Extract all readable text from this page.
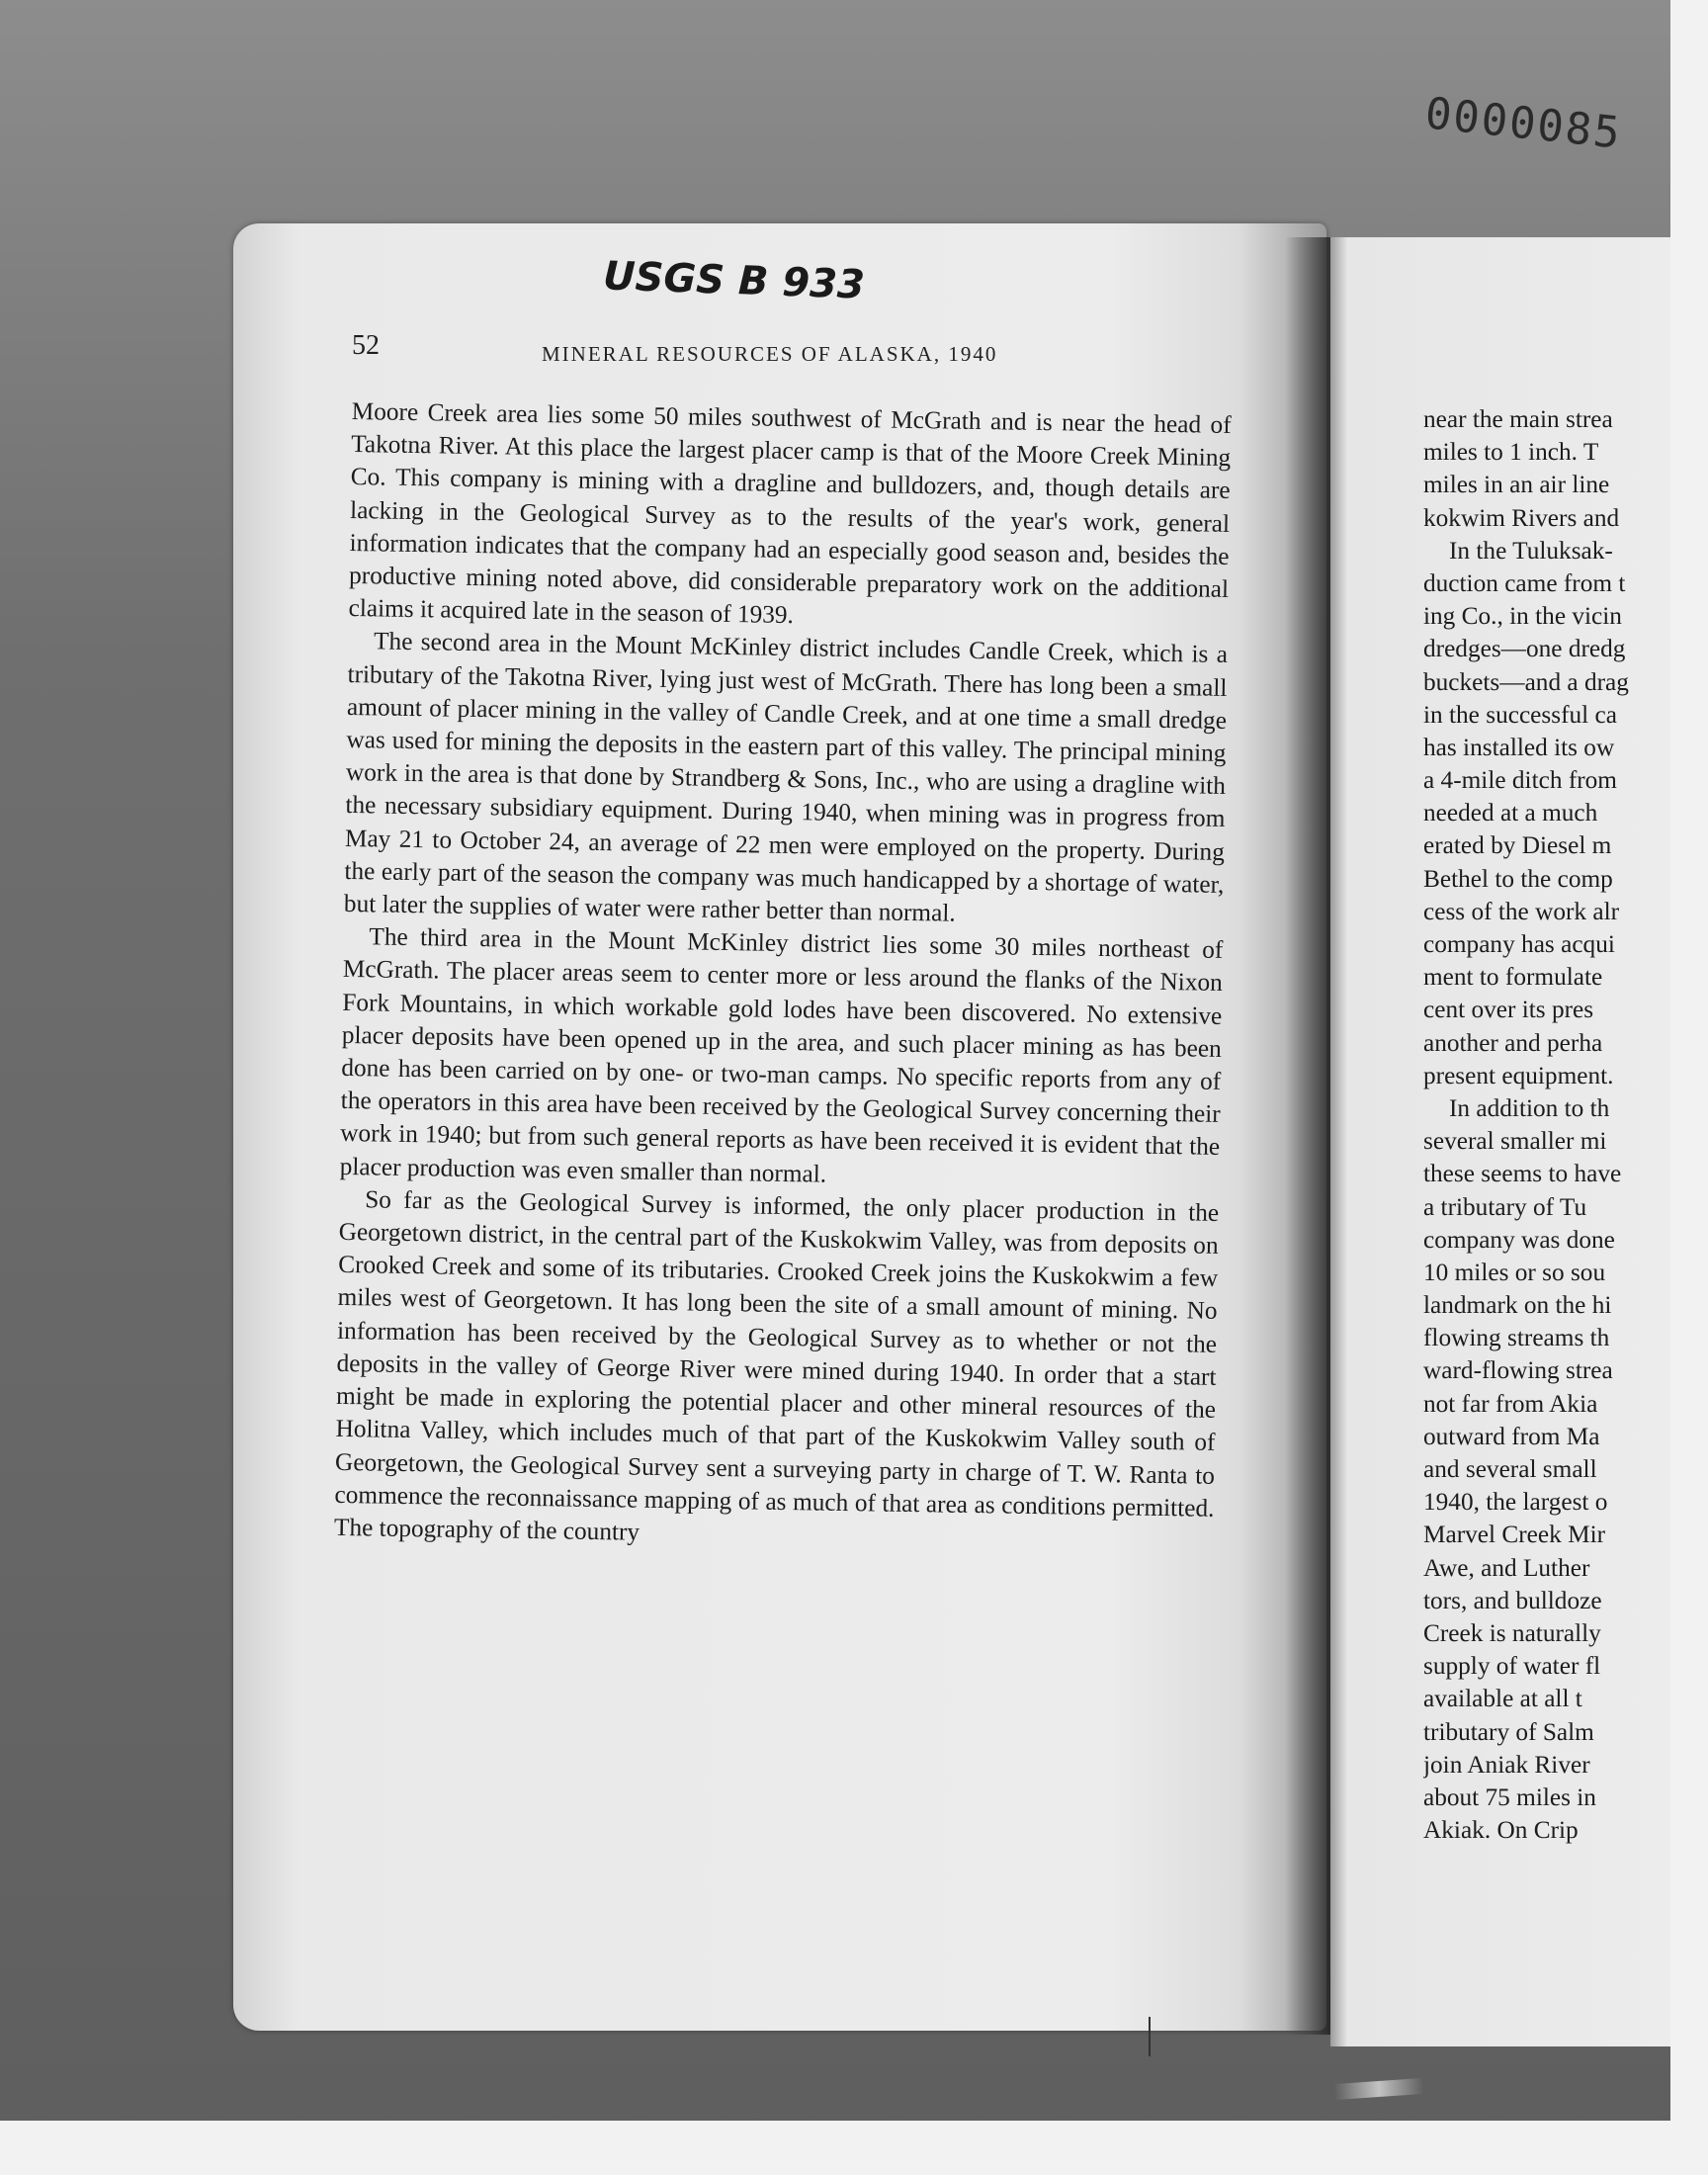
0000085
USGS B 933
52	MINERAL RESOURCES OF ALASKA, 1940

Moore Creek area lies some 50 miles southwest of McGrath and is near the head of Takotna River. At this place the largest placer camp is that of the Moore Creek Mining Co. This company is mining with a dragline and bulldozers, and, though details are lacking in the Geological Survey as to the results of the year's work, general information indicates that the company had an especially good season and, besides the productive mining noted above, did considerable preparatory work on the additional claims it acquired late in the season of 1939.

The second area in the Mount McKinley district includes Candle Creek, which is a tributary of the Takotna River, lying just west of McGrath. There has long been a small amount of placer mining in the valley of Candle Creek, and at one time a small dredge was used for mining the deposits in the eastern part of this valley. The principal mining work in the area is that done by Strandberg & Sons, Inc., who are using a dragline with the necessary subsidiary equipment. During 1940, when mining was in progress from May 21 to October 24, an average of 22 men were employed on the property. During the early part of the season the company was much handicapped by a shortage of water, but later the supplies of water were rather better than normal.

The third area in the Mount McKinley district lies some 30 miles northeast of McGrath. The placer areas seem to center more or less around the flanks of the Nixon Fork Mountains, in which workable gold lodes have been discovered. No extensive placer deposits have been opened up in the area, and such placer mining as has been done has been carried on by one- or two-man camps. No specific reports from any of the operators in this area have been received by the Geological Survey concerning their work in 1940; but from such general reports as have been received it is evident that the placer production was even smaller than normal.

So far as the Geological Survey is informed, the only placer production in the Georgetown district, in the central part of the Kuskokwim Valley, was from deposits on Crooked Creek and some of its tributaries. Crooked Creek joins the Kuskokwim a few miles west of Georgetown. It has long been the site of a small amount of mining. No information has been received by the Geological Survey as to whether or not the deposits in the valley of George River were mined during 1940. In order that a start might be made in exploring the potential placer and other mineral resources of the Holitna Valley, which includes much of that part of the Kuskokwim Valley south of Georgetown, the Geological Survey sent a surveying party in charge of T. W. Ranta to commence the reconnaissance mapping of as much of that area as conditions permitted. The topography of the country

near the main strea
miles to 1 inch. T
miles in an air line
kokwim Rivers and
In the Tuluksak-
duction came from t
ing Co., in the vicin
dredges—one dredg
buckets—and a drag
in the successful ca
has installed its ow
a 4-mile ditch from
needed at a much
erated by Diesel m
Bethel to the comp
cess of the work alr
company has acqui
ment to formulate
cent over its pres
another and perha
present equipment.
In addition to th
several smaller mi
these seems to have
a tributary of Tu
company was done
10 miles or so sou
landmark on the hi
flowing streams th
ward-flowing strea
not far from Akia
outward from Ma
and several small
1940, the largest o
Marvel Creek Mir
Awe, and Luther
tors, and bulldoze
Creek is naturally
supply of water fl
available at all t
tributary of Salm
join Aniak River
about 75 miles in
Akiak. On Crip
